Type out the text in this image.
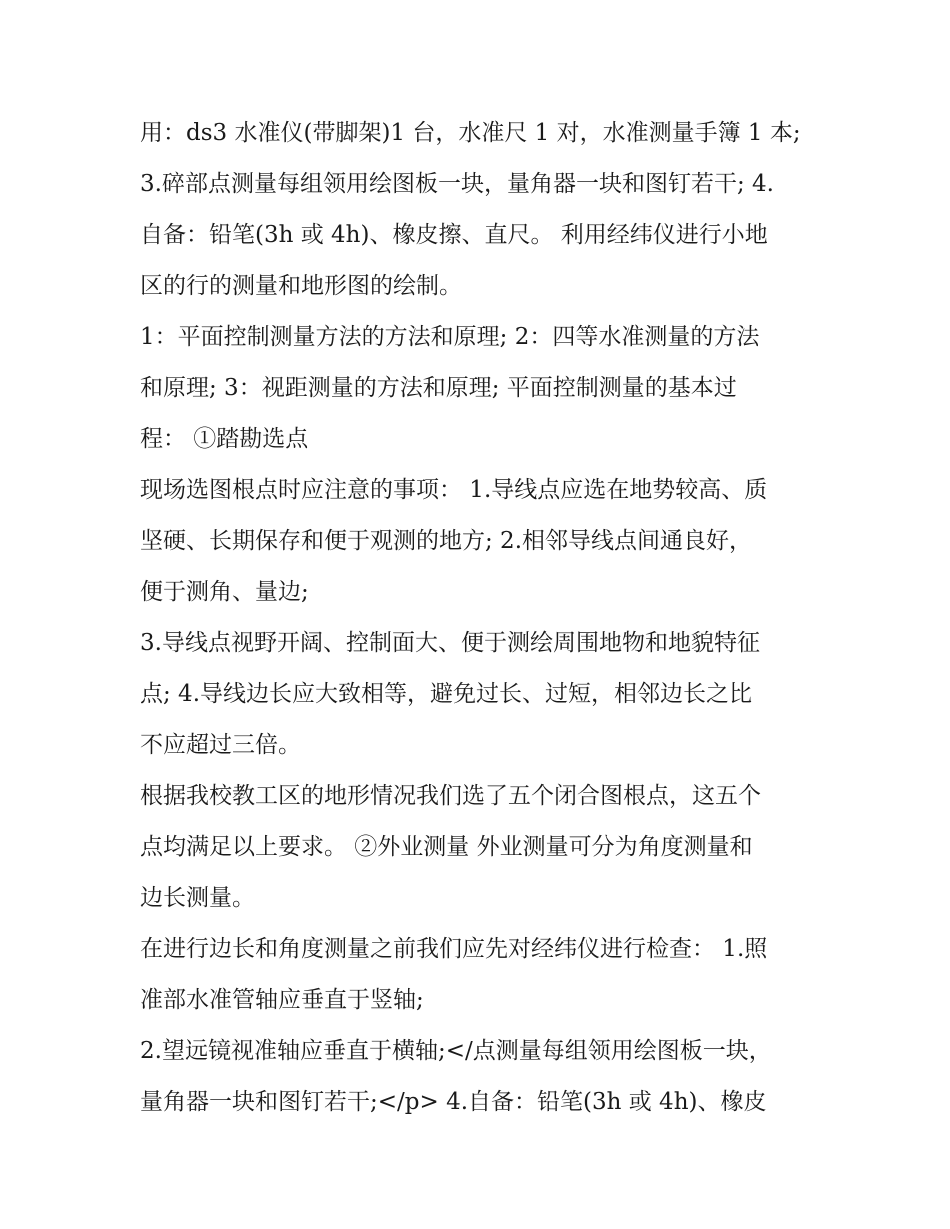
用：ds3 水准仪(带脚架)1 台，水准尺 1 对，水准测量手簿 1 本;
3.碎部点测量每组领用绘图板一块，量角器一块和图钉若干; 4.
自备：铅笔(3h 或 4h)、橡皮擦、直尺。 利用经纬仪进行小地
区的行的测量和地形图的绘制。
1：平面控制测量方法的方法和原理; 2：四等水准测量的方法
和原理; 3：视距测量的方法和原理; 平面控制测量的基本过
程： ①踏勘选点
现场选图根点时应注意的事项： 1.导线点应选在地势较高、质
坚硬、长期保存和便于观测的地方; 2.相邻导线点间通良好，
便于测角、量边;
3.导线点视野开阔、控制面大、便于测绘周围地物和地貌特征
点; 4.导线边长应大致相等，避免过长、过短，相邻边长之比
不应超过三倍。
根据我校教工区的地形情况我们选了五个闭合图根点，这五个
点均满足以上要求。 ②外业测量 外业测量可分为角度测量和
边长测量。
在进行边长和角度测量之前我们应先对经纬仪进行检查： 1.照
准部水准管轴应垂直于竖轴;
2.望远镜视准轴应垂直于横轴;</点测量每组领用绘图板一块，
量角器一块和图钉若干;</p> 4.自备：铅笔(3h 或 4h)、橡皮
